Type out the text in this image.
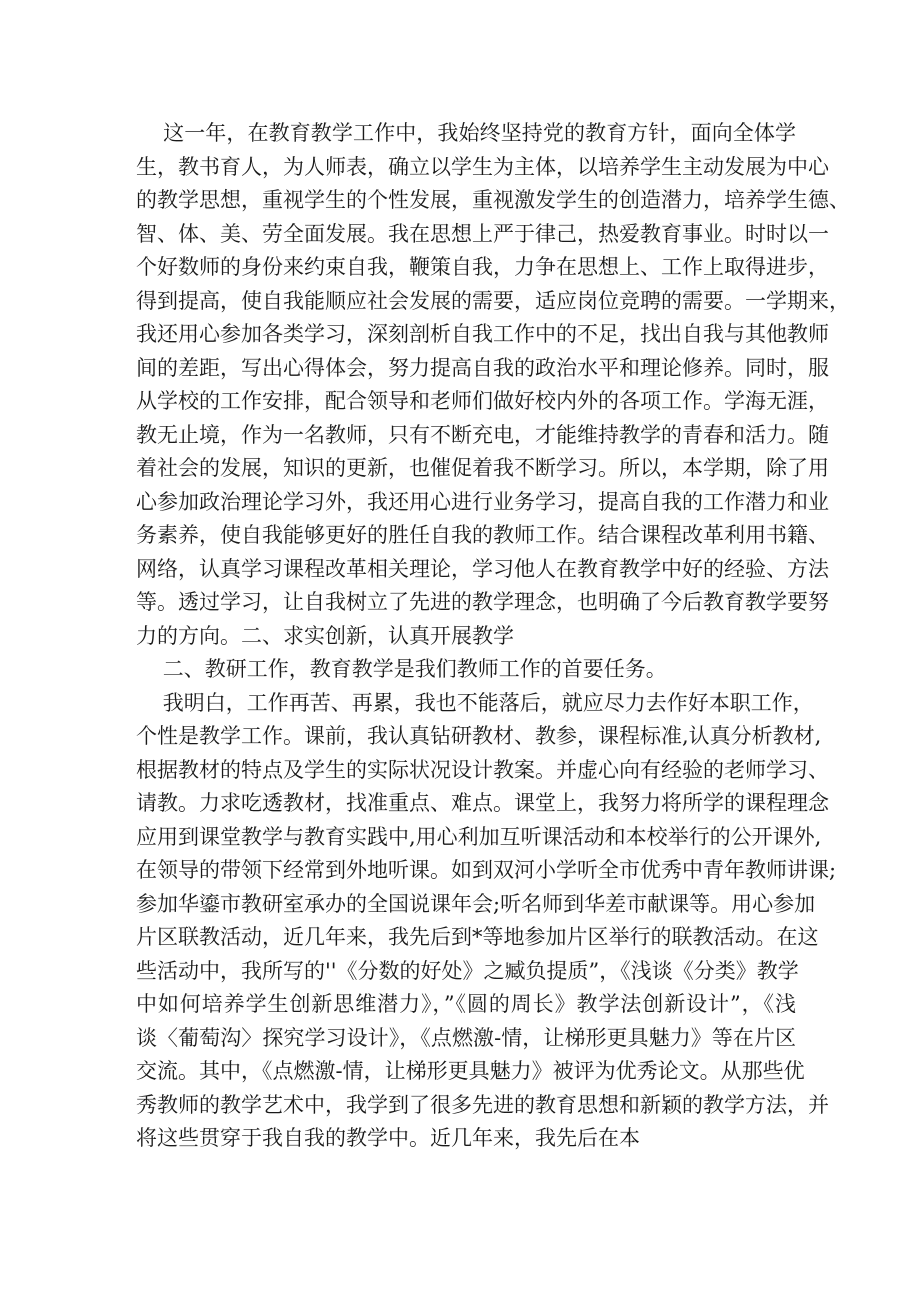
这一年，在教育教学工作中，我始终坚持党的教育方针，面向全体学
生，教书育人，为人师表，确立以学生为主体，以培养学生主动发展为中心
的教学思想，重视学生的个性发展，重视激发学生的创造潜力，培养学生德、
智、体、美、劳全面发展。我在思想上严于律己，热爱教育事业。时时以一
个好数师的身份来约束自我，鞭策自我，力争在思想上、工作上取得进步，
得到提高，使自我能顺应社会发展的需要，适应岗位竞聘的需要。一学期来，
我还用心参加各类学习，深刻剖析自我工作中的不足，找出自我与其他教师
间的差距，写出心得体会，努力提高自我的政治水平和理论修养。同时，服
从学校的工作安排，配合领导和老师们做好校内外的各项工作。学海无涯，
教无止境，作为一名教师，只有不断充电，才能维持教学的青春和活力。随
着社会的发展，知识的更新，也催促着我不断学习。所以，本学期，除了用
心参加政治理论学习外，我还用心进行业务学习，提高自我的工作潜力和业
务素养，使自我能够更好的胜任自我的教师工作。结合课程改革利用书籍、
网络，认真学习课程改革相关理论，学习他人在教育教学中好的经验、方法
等。透过学习，让自我树立了先进的教学理念，也明确了今后教育教学要努
力的方向。二、求实创新，认真开展教学
二、教研工作，教育教学是我们教师工作的首要任务。
我明白，工作再苦、再累，我也不能落后，就应尽力去作好本职工作，
个性是教学工作。课前，我认真钻研教材、教参，课程标准,认真分析教材,
根据教材的特点及学生的实际状况设计教案。并虚心向有经验的老师学习、
请教。力求吃透教材，找准重点、难点。课堂上，我努力将所学的课程理念
应用到课堂教学与教育实践中,用心利加互听课活动和本校举行的公开课外,
在领导的带领下经常到外地听课。如到双河小学听全市优秀中青年教师讲课;
参加华鎏市教研室承办的全国说课年会;听名师到华差市献课等。用心参加
片区联教活动，近几年来，我先后到*等地参加片区举行的联教活动。在这
些活动中，我所写的''《分数的好处》之臧负提质”，《浅谈《分类》教学
中如何培养学生创新思维潜力》，”《圆的周长》教学法创新设计”，《浅
谈〈葡萄沟〉探究学习设计》，《点燃激-情，让梯形更具魅力》等在片区
交流。其中，《点燃激-情，让梯形更具魅力》被评为优秀论文。从那些优
秀教师的教学艺术中，我学到了很多先进的教育思想和新颖的教学方法，并
将这些贯穿于我自我的教学中。近几年来，我先后在本
